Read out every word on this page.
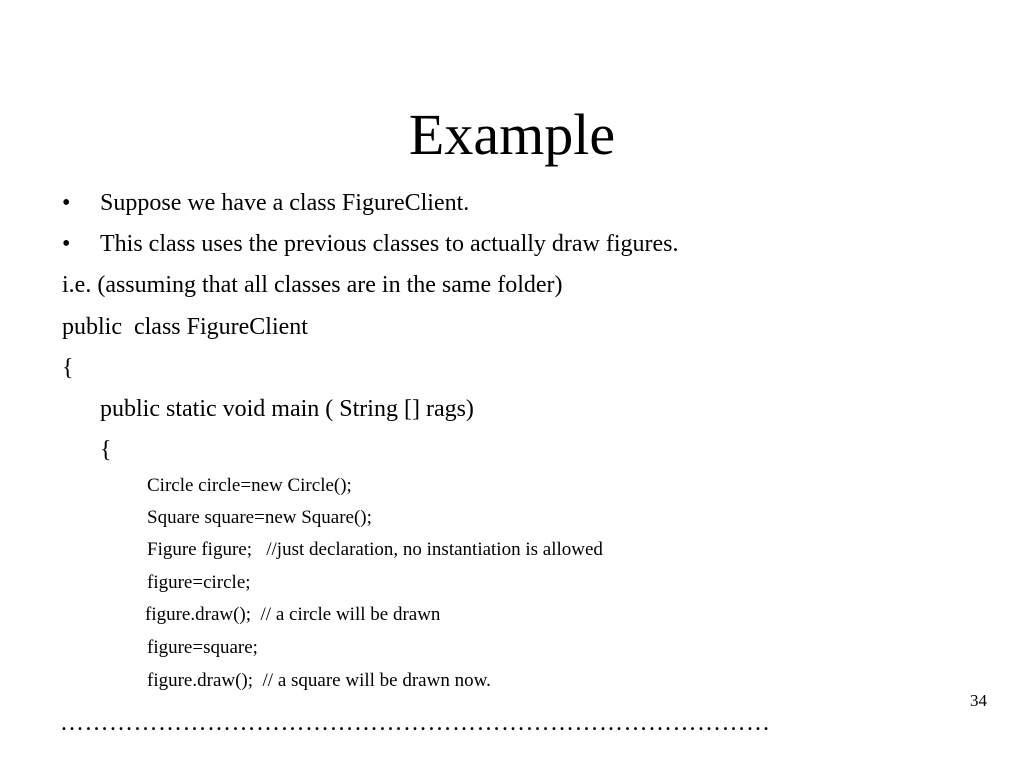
Example
• Suppose we have a class FigureClient.

• This class uses the previous classes to actually draw figures.

i.e. (assuming that all classes are in the same folder)

public  class FigureClient

{

public static void main ( String [] rags)

{

Circle circle=new Circle();

Square square=new Square();

Figure figure;   //just declaration, no instantiation is allowed

figure=circle;

figure.draw();  // a circle will be drawn

figure=square;

figure.draw();  // a square will be drawn now.

34
……………………………………………………………………………
